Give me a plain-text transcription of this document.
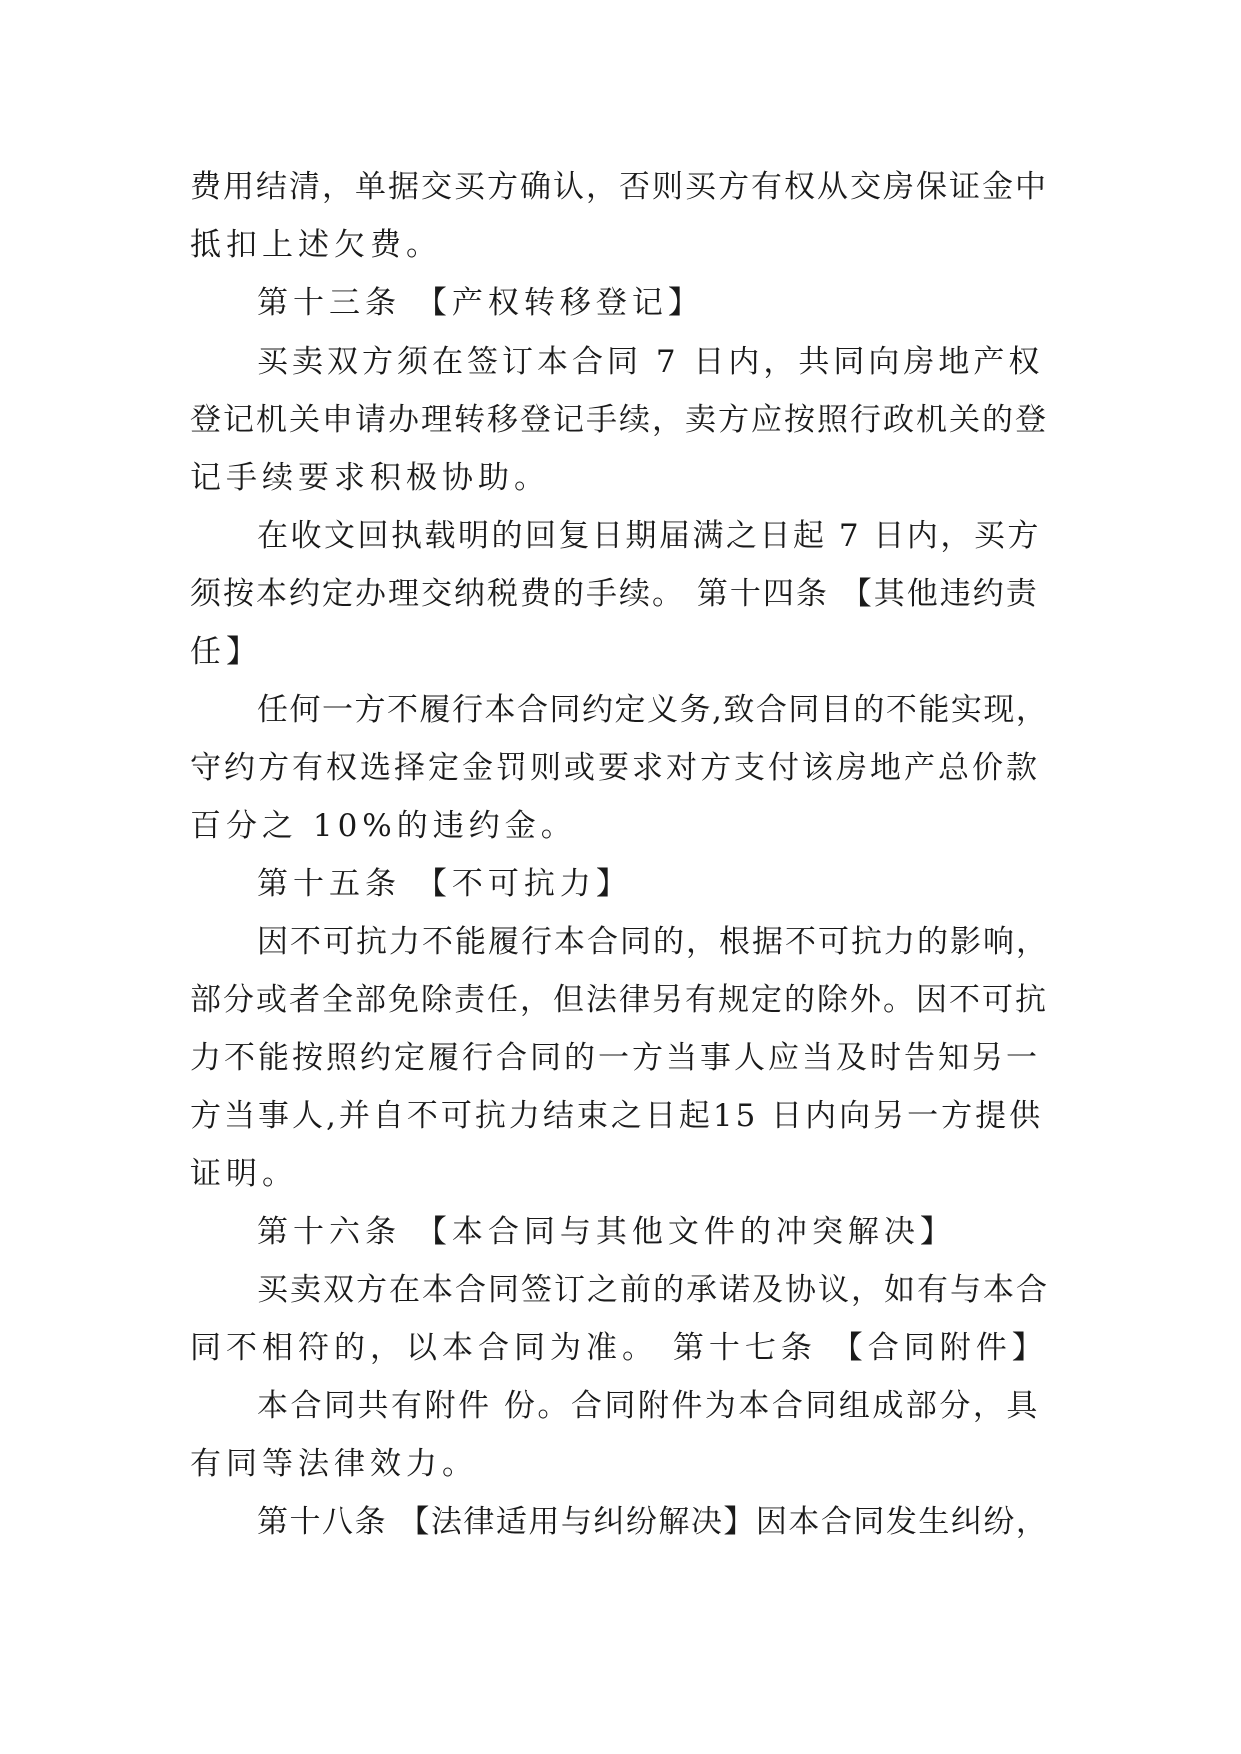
费用结清，单据交买方确认，否则买方有权从交房保证金中
抵扣上述欠费。
第十三条 【产权转移登记】
买卖双方须在签订本合同 7 日内，共同向房地产权
登记机关申请办理转移登记手续，卖方应按照行政机关的登
记手续要求积极协助。
在收文回执载明的回复日期届满之日起 7 日内，买方
须按本约定办理交纳税费的手续。 第十四条 【其他违约责
任】
任何一方不履行本合同约定义务,致合同目的不能实现，
守约方有权选择定金罚则或要求对方支付该房地产总价款
百分之 10%的违约金。
第十五条 【不可抗力】
因不可抗力不能履行本合同的，根据不可抗力的影响，
部分或者全部免除责任，但法律另有规定的除外。因不可抗
力不能按照约定履行合同的一方当事人应当及时告知另一
方当事人,并自不可抗力结束之日起15 日内向另一方提供
证明。
第十六条 【本合同与其他文件的冲突解决】
买卖双方在本合同签订之前的承诺及协议，如有与本合
同不相符的，以本合同为准。 第十七条 【合同附件】
本合同共有附件 份。合同附件为本合同组成部分，具
有同等法律效力。
第十八条 【法律适用与纠纷解决】因本合同发生纠纷，
